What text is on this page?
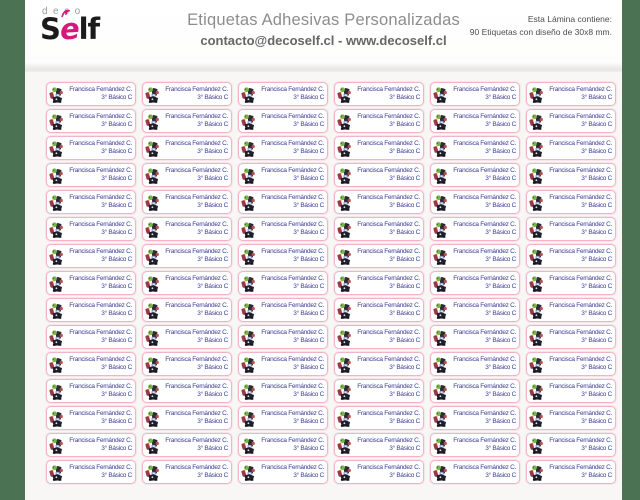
deco
S
elf	Etiquetas Adhesivas Personalizadas
contacto@decoself.cl - www.decoself.cl
Esta Lámina contiene:
90 Etiquetas con diseño de 30x8 mm.
Francisca Fernández C.
3° Básico C
Francisca Fernández C.
3° Básico C
Francisca Fernández C.
3° Básico C
Francisca Fernández C.
3° Básico C
Francisca Fernández C.
3° Básico C
Francisca Fernández C.
3° Básico C
Francisca Fernández C.
3° Básico C
Francisca Fernández C.
3° Básico C
Francisca Fernández C.
3° Básico C
Francisca Fernández C.
3° Básico C
Francisca Fernández C.
3° Básico C
Francisca Fernández C.
3° Básico C
Francisca Fernández C.
3° Básico C
Francisca Fernández C.
3° Básico C
Francisca Fernández C.
3° Básico C
Francisca Fernández C.
3° Básico C
Francisca Fernández C.
3° Básico C
Francisca Fernández C.
3° Básico C
Francisca Fernández C.
3° Básico C
Francisca Fernández C.
3° Básico C
Francisca Fernández C.
3° Básico C
Francisca Fernández C.
3° Básico C
Francisca Fernández C.
3° Básico C
Francisca Fernández C.
3° Básico C
Francisca Fernández C.
3° Básico C
Francisca Fernández C.
3° Básico C
Francisca Fernández C.
3° Básico C
Francisca Fernández C.
3° Básico C
Francisca Fernández C.
3° Básico C
Francisca Fernández C.
3° Básico C
Francisca Fernández C.
3° Básico C
Francisca Fernández C.
3° Básico C
Francisca Fernández C.
3° Básico C
Francisca Fernández C.
3° Básico C
Francisca Fernández C.
3° Básico C
Francisca Fernández C.
3° Básico C
Francisca Fernández C.
3° Básico C
Francisca Fernández C.
3° Básico C
Francisca Fernández C.
3° Básico C
Francisca Fernández C.
3° Básico C
Francisca Fernández C.
3° Básico C
Francisca Fernández C.
3° Básico C
Francisca Fernández C.
3° Básico C
Francisca Fernández C.
3° Básico C
Francisca Fernández C.
3° Básico C
Francisca Fernández C.
3° Básico C
Francisca Fernández C.
3° Básico C
Francisca Fernández C.
3° Básico C
Francisca Fernández C.
3° Básico C
Francisca Fernández C.
3° Básico C
Francisca Fernández C.
3° Básico C
Francisca Fernández C.
3° Básico C
Francisca Fernández C.
3° Básico C
Francisca Fernández C.
3° Básico C
Francisca Fernández C.
3° Básico C
Francisca Fernández C.
3° Básico C
Francisca Fernández C.
3° Básico C
Francisca Fernández C.
3° Básico C
Francisca Fernández C.
3° Básico C
Francisca Fernández C.
3° Básico C
Francisca Fernández C.
3° Básico C
Francisca Fernández C.
3° Básico C
Francisca Fernández C.
3° Básico C
Francisca Fernández C.
3° Básico C
Francisca Fernández C.
3° Básico C
Francisca Fernández C.
3° Básico C
Francisca Fernández C.
3° Básico C
Francisca Fernández C.
3° Básico C
Francisca Fernández C.
3° Básico C
Francisca Fernández C.
3° Básico C
Francisca Fernández C.
3° Básico C
Francisca Fernández C.
3° Básico C
Francisca Fernández C.
3° Básico C
Francisca Fernández C.
3° Básico C
Francisca Fernández C.
3° Básico C
Francisca Fernández C.
3° Básico C
Francisca Fernández C.
3° Básico C
Francisca Fernández C.
3° Básico C
Francisca Fernández C.
3° Básico C
Francisca Fernández C.
3° Básico C
Francisca Fernández C.
3° Básico C
Francisca Fernández C.
3° Básico C
Francisca Fernández C.
3° Básico C
Francisca Fernández C.
3° Básico C
Francisca Fernández C.
3° Básico C
Francisca Fernández C.
3° Básico C
Francisca Fernández C.
3° Básico C
Francisca Fernández C.
3° Básico C
Francisca Fernández C.
3° Básico C
Francisca Fernández C.
3° Básico C
